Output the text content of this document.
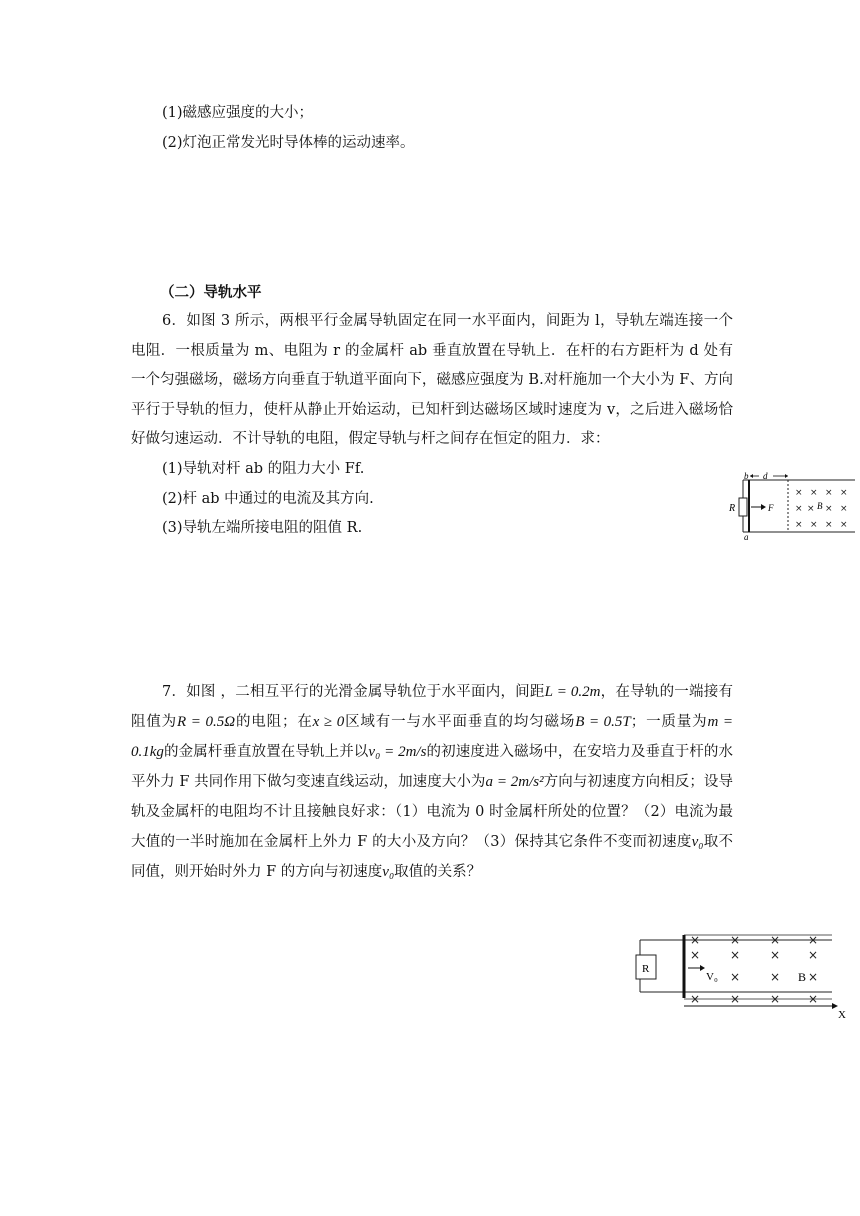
(1)磁感应强度的大小；
(2)灯泡正常发光时导体棒的运动速率。
（二）导轨水平
6．如图 3 所示，两根平行金属导轨固定在同一水平面内，间距为 l，导轨左端连接一个电阻．一根质量为 m、电阻为 r 的金属杆 ab 垂直放置在导轨上．在杆的右方距杆为 d 处有一个匀强磁场，磁场方向垂直于轨道平面向下，磁感应强度为 B.对杆施加一个大小为 F、方向平行于导轨的恒力，使杆从静止开始运动，已知杆到达磁场区域时速度为 v，之后进入磁场恰好做匀速运动．不计导轨的电阻，假定导轨与杆之间存在恒定的阻力．求：
(1)导轨对杆 ab 的阻力大小 Ff.
(2)杆 ab 中通过的电流及其方向.
(3)导轨左端所接电阻的阻值 R.
R
b
a
F
d
× × × ×
× × × ×
× × × ×
B
7．如图 ，二相互平行的光滑金属导轨位于水平面内，间距L = 0.2m，在导轨的一端接有阻值为R = 0.5Ω的电阻；在x ≥ 0区域有一与水平面垂直的均匀磁场B = 0.5T；一质量为m = 0.1kg的金属杆垂直放置在导轨上并以v₀ = 2m/s的初速度进入磁场中，在安培力及垂直于杆的水平外力 F 共同作用下做匀变速直线运动，加速度大小为a = 2m/s²方向与初速度方向相反；设导轨及金属杆的电阻均不计且接触良好求：（1）电流为 0 时金属杆所处的位置？（2）电流为最大值的一半时施加在金属杆上外力 F 的大小及方向？（3）保持其它条件不变而初速度v₀取不同值，则开始时外力 F 的方向与初速度v₀取值的关系？
R
V₀
X
× × × ×
× × × ×
× × ×
× × × ×
B
